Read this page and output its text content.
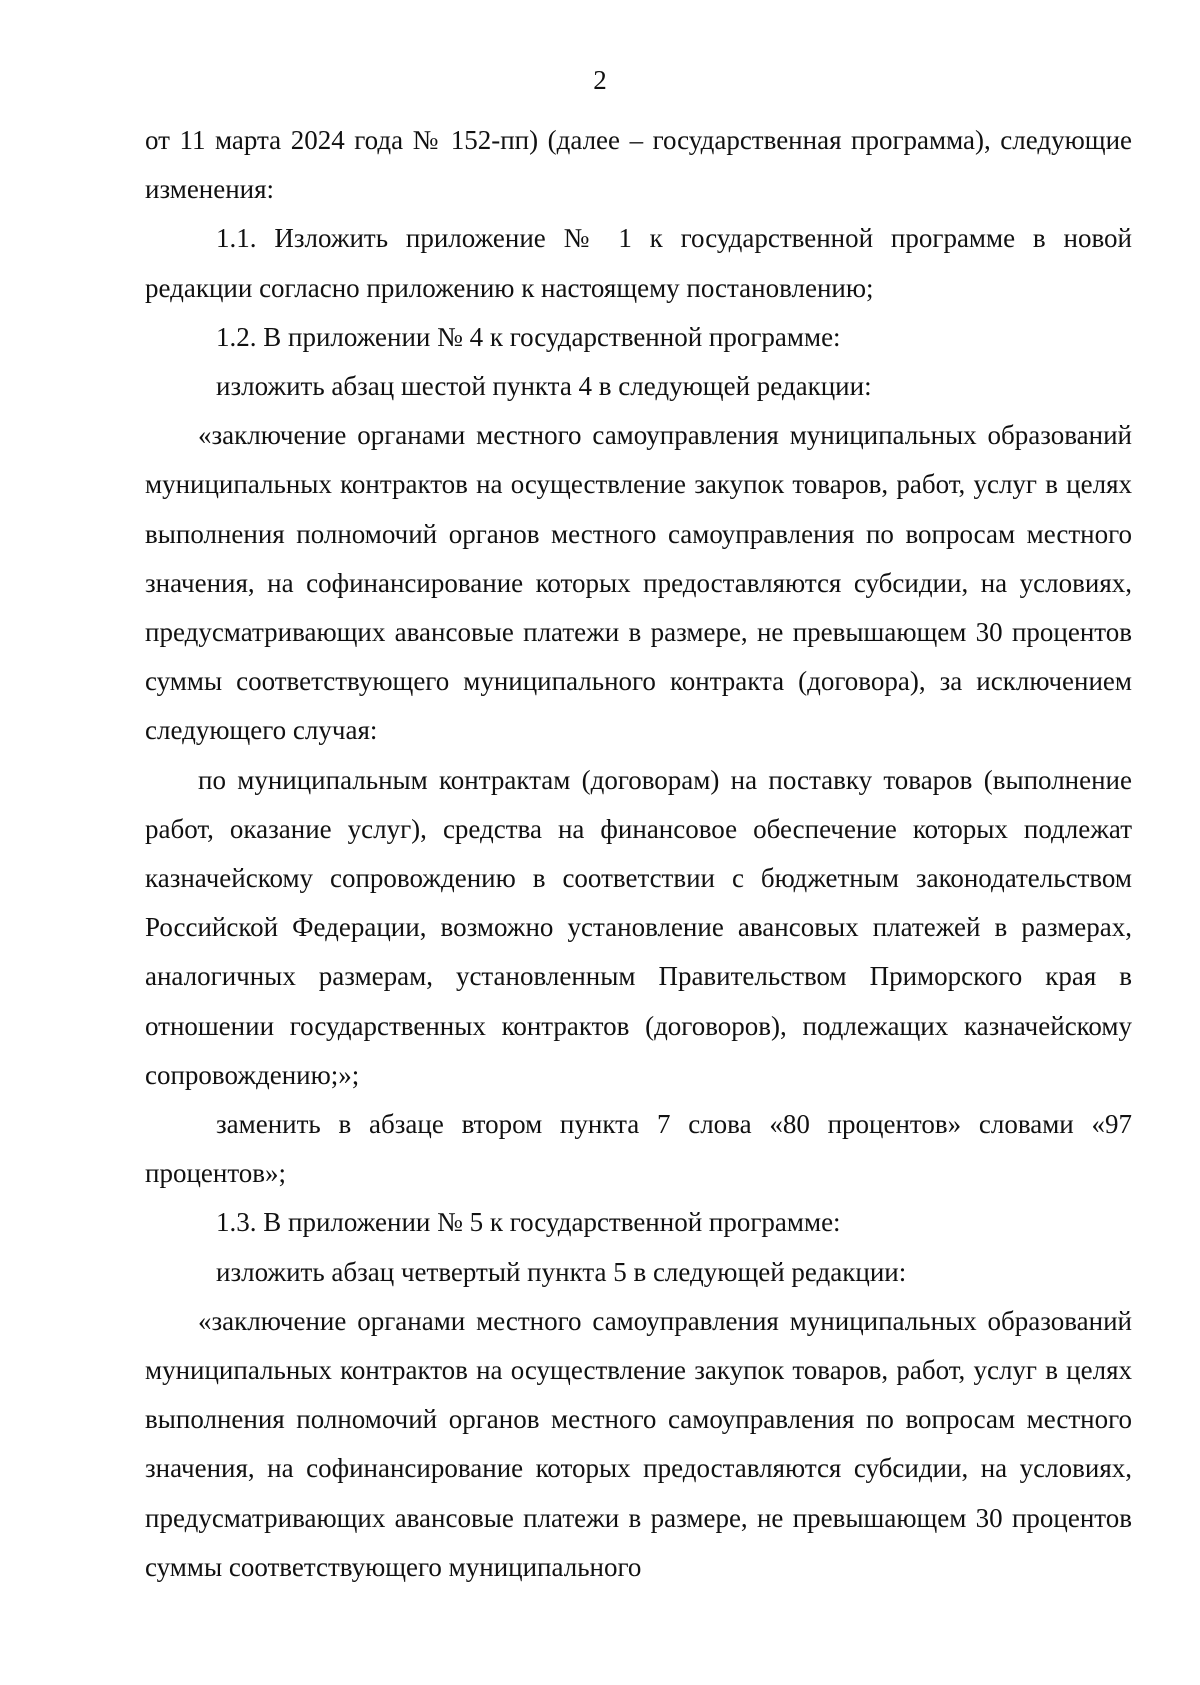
2

от 11 марта 2024 года № 152-пп) (далее – государственная программа), следующие изменения:

1.1. Изложить приложение № 1 к государственной программе в новой редакции согласно приложению к настоящему постановлению;

1.2. В приложении № 4 к государственной программе:

изложить абзац шестой пункта 4 в следующей редакции:

«заключение органами местного самоуправления муниципальных образований муниципальных контрактов на осуществление закупок товаров, работ, услуг в целях выполнения полномочий органов местного самоуправления по вопросам местного значения, на софинансирование которых предоставляются субсидии, на условиях, предусматривающих авансовые платежи в размере, не превышающем 30 процентов суммы соответствующего муниципального контракта (договора), за исключением следующего случая:

по муниципальным контрактам (договорам) на поставку товаров (выполнение работ, оказание услуг), средства на финансовое обеспечение которых подлежат казначейскому сопровождению в соответствии с бюджетным законодательством Российской Федерации, возможно установление авансовых платежей в размерах, аналогичных размерам, установленным Правительством Приморского края в отношении государственных контрактов (договоров), подлежащих казначейскому сопровождению;»;

заменить в абзаце втором пункта 7 слова «80 процентов» словами «97 процентов»;

1.3. В приложении № 5 к государственной программе:

изложить абзац четвертый пункта 5 в следующей редакции:

«заключение органами местного самоуправления муниципальных образований муниципальных контрактов на осуществление закупок товаров, работ, услуг в целях выполнения полномочий органов местного самоуправления по вопросам местного значения, на софинансирование которых предоставляются субсидии, на условиях, предусматривающих авансовые платежи в размере, не превышающем 30 процентов суммы соответствующего муниципального
